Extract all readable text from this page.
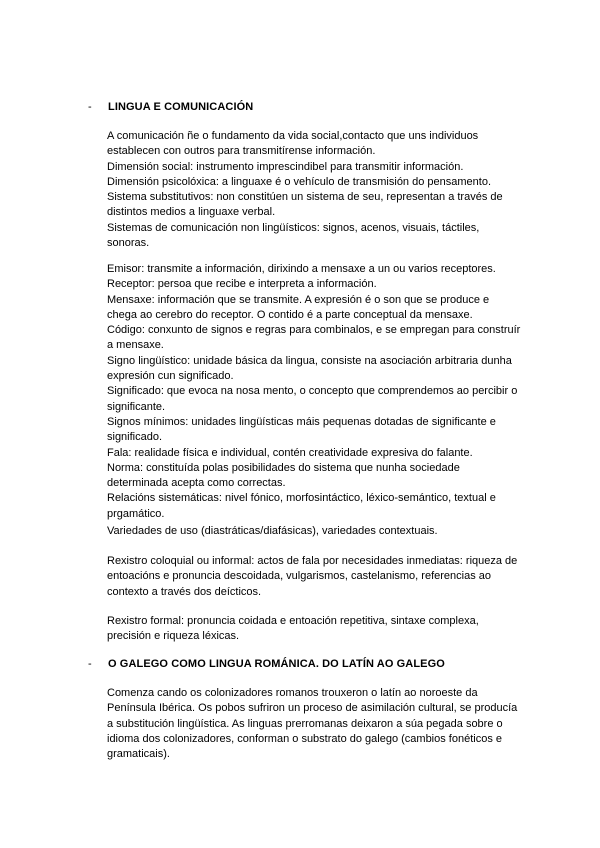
- LINGUA E COMUNICACIÓN
A comunicación ñe o fundamento da vida social,contacto que uns individuos
establecen con outros para transmitírense información.
Dimensión social: instrumento imprescindibel para transmitir información.
Dimensión psicolóxica: a linguaxe é o vehículo de transmisión do pensamento.
Sistema substitutivos: non constitúen un sistema de seu, representan a través de
distintos medios a linguaxe verbal.
Sistemas de comunicación non lingüísticos: signos, acenos, visuais, táctiles,
sonoras.
Emisor: transmite a información, dirixindo a mensaxe a un ou varios receptores.
Receptor: persoa que recibe e interpreta a información.
Mensaxe: información que se transmite. A expresión é o son que se produce e
chega ao cerebro do receptor. O contido é a parte conceptual da mensaxe.
Código: conxunto de signos e regras para combinalos, e se empregan para construír
a mensaxe.
Signo lingüístico: unidade básica da lingua, consiste na asociación arbitraria dunha
expresión cun significado.
Significado: que evoca na nosa mento, o concepto que comprendemos ao percibir o
significante.
Signos mínimos: unidades lingüísticas máis pequenas dotadas de significante e
significado.
Fala: realidade física e individual, contén creatividade expresiva do falante.
Norma: constituída polas posibilidades do sistema que nunha sociedade
determinada acepta como correctas.
Relacións sistemáticas: nivel fónico, morfosintáctico, léxico-semántico, textual e
prgamático.
Variedades de uso (diastráticas/diafásicas), variedades contextuais.
Rexistro coloquial ou informal: actos de fala por necesidades inmediatas: riqueza de
entoacións e pronuncia descoidada, vulgarismos, castelanismo, referencias ao
contexto a través dos deícticos.
Rexistro formal: pronuncia coidada e entoación repetitiva, sintaxe complexa,
precisión e riqueza léxicas.
- O GALEGO COMO LINGUA ROMÁNICA. DO LATÍN AO GALEGO
Comenza cando os colonizadores romanos trouxeron o latín ao noroeste da
Península Ibérica. Os pobos sufriron un proceso de asimilación cultural, se producía
a substitución lingüística. As linguas prerromanas deixaron a súa pegada sobre o
idioma dos colonizadores, conforman o substrato do galego (cambios fonéticos e
gramaticais).
